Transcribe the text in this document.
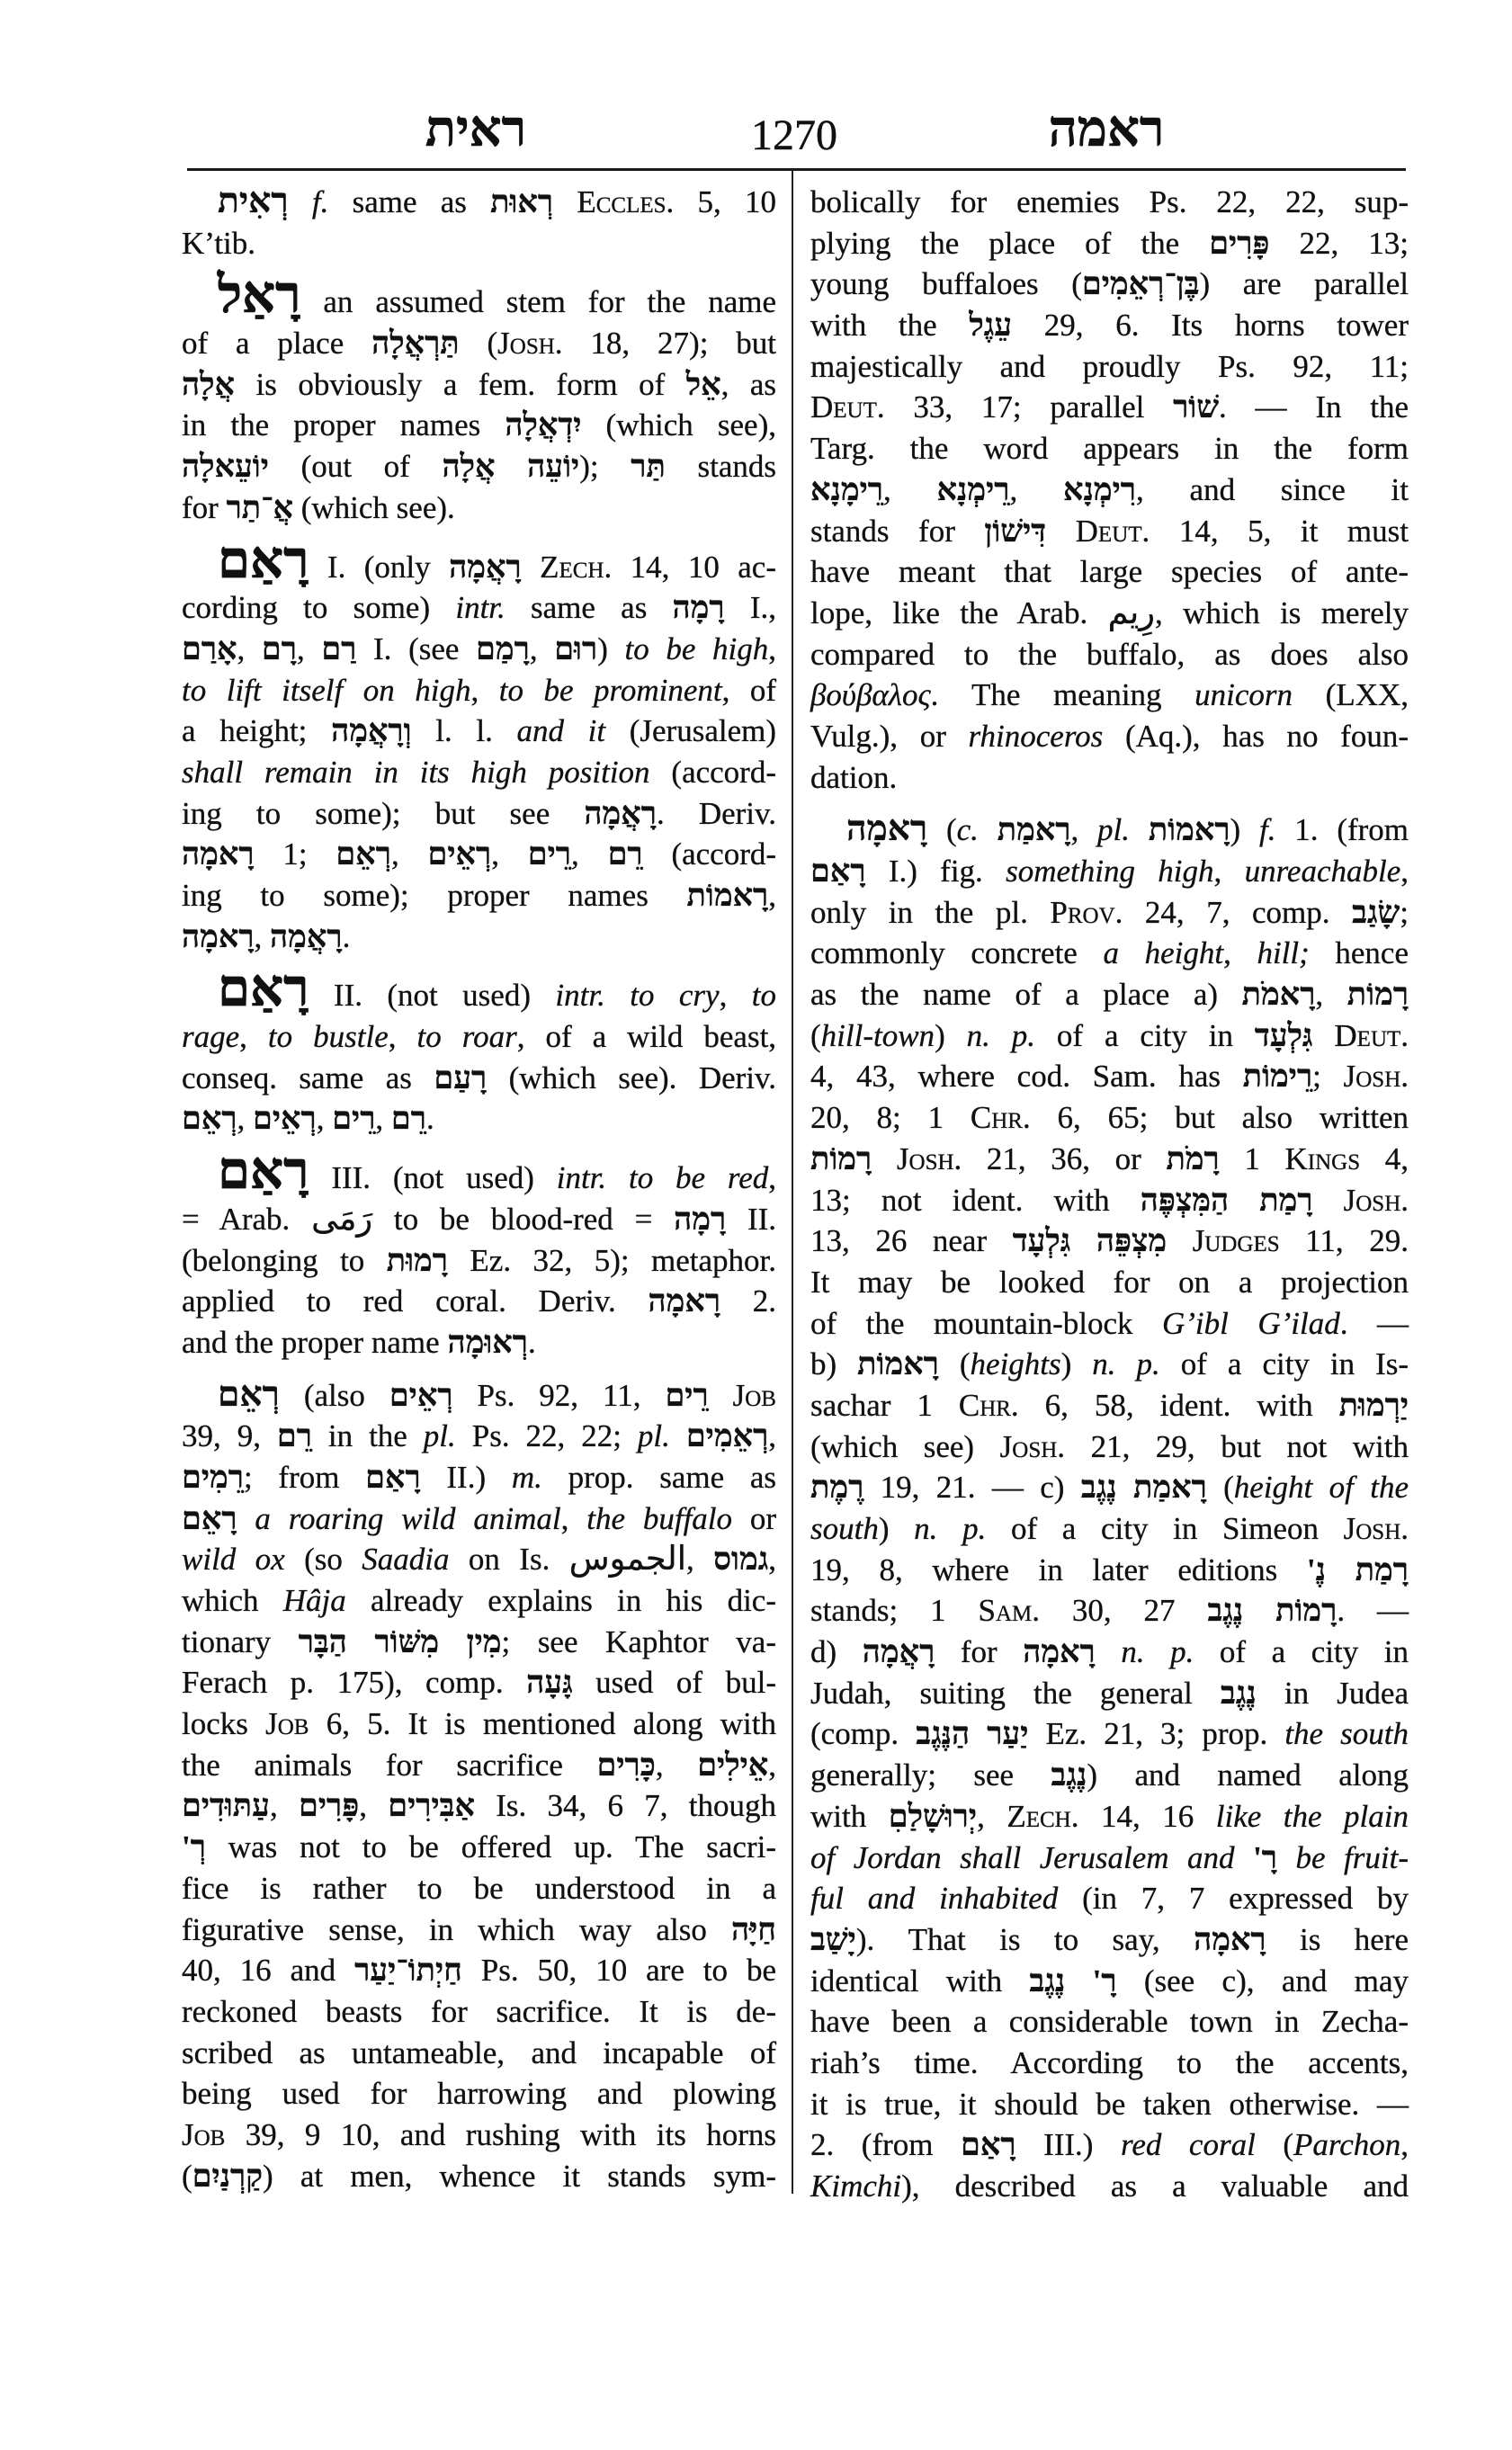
ראית	1270	ראמה
רְאִית f. same as רְאוּת Eccles. 5, 10
K’tib.
רָאַל an assumed stem for the name
of a place תַּרְאֲלָה (Josh. 18, 27); but
אֲלָה is obviously a fem. form of אֵל, as
in the proper names יִדְאֲלָה (which see),
יוֹעֵאלָה (out of יוֹעֵה אֲלָה); תַּר stands
for אֲ־תַר (which see).
רָאַם I. (only רָאֲמָה Zech. 14, 10 ac-
cording to some) intr. same as רָמָה I.,
אָרַם, רָם, רַם I. (see רָמַם, רוּם) to be high,
to lift itself on high, to be prominent, of
a height; וְרָאֲמָה l. l. and it (Jerusalem)
shall remain in its high position (accord-
ing to some); but see רָאֲמָה. Deriv.
רָאמָה 1; רְאֵם, רְאֵים, רֵים, רֵם (accord-
ing to some); proper names רָאמוֹת,
רָאמָה, רָאֲמָה.
רָאַם II. (not used) intr. to cry, to
rage, to bustle, to roar, of a wild beast,
conseq. same as רָעַם (which see). Deriv.
רְאֵם, רְאֵים, רֵים, רֵם.
רָאַם III. (not used) intr. to be red,
= Arab. رَمَى to be blood-red = רָמָה II.
(belonging to רָמוּת Ez. 32, 5); metaphor.
applied to red coral. Deriv. רָאמָה 2.
and the proper name רְאוּמָה.
רְאֵם (also רְאֵים Ps. 92, 11, רֵים Job
39, 9, רֵם in the pl. Ps. 22, 22; pl. רְאֵמִים,
רֵמִים; from רָאַם II.) m. prop. same as
רָאֵם a roaring wild animal, the buffalo or
wild ox (so Saadia on Is. الجموس, גמוס,
which Hâja already explains in his dic-
tionary מִין מִשּׁוֹר הַבָּר; see Kaphtor va-
Ferach p. 175), comp. גָּעָה used of bul-
locks Job 6, 5. It is mentioned along with
the animals for sacrifice כָּרִים, אֵילִים,
עַתּוּדִים, פָּרִים, אַבִּירִים Is. 34, 6 7, though
רְ' was not to be offered up. The sacri-
fice is rather to be understood in a
figurative sense, in which way also חַיָּה
40, 16 and חַיְתוֹ־יַעַר Ps. 50, 10 are to be
reckoned beasts for sacrifice. It is de-
scribed as untameable, and incapable of
being used for harrowing and plowing
Job 39, 9 10, and rushing with its horns
(קַרְנַיִם) at men, whence it stands sym-
bolically for enemies Ps. 22, 22, sup-
plying the place of the פָּרִים 22, 13;
young buffaloes (בֶּן־רְאֵמִים) are parallel
with the עֵגֶל 29, 6. Its horns tower
majestically and proudly Ps. 92, 11;
Deut. 33, 17; parallel שׁוֹר. — In the
Targ. the word appears in the form
רֵימָנָא, רֵימְנָא, רִימְנָא, and since it
stands for דִּישׁוֹן Deut. 14, 5, it must
have meant that large species of ante-
lope, like the Arab. رِيم, which is merely
compared to the buffalo, as does also
βούβαλος. The meaning unicorn (LXX,
Vulg.), or rhinoceros (Aq.), has no foun-
dation.
רָאמָה (c. רָאמַת, pl. רָאמוֹת) f. 1. (from
רָאַם I.) fig. something high, unreachable,
only in the pl. Prov. 24, 7, comp. שָׂגַב;
commonly concrete a height, hill; hence
as the name of a place a) רָאמֹת, רָמוֹת
(hill-town) n. p. of a city in גִּלְעָד Deut.
4, 43, where cod. Sam. has רֵימוֹת; Josh.
20, 8; 1 Chr. 6, 65; but also written
רָמוֹת Josh. 21, 36, or רָמֹת 1 Kings 4,
13; not ident. with רָמַת הַמִּצְפֶּה Josh.
13, 26 near מִצְפֵּה גִּלְעָד Judges 11, 29.
It may be looked for on a projection
of the mountain-block G’ibl G’ilad. —
b) רָאמוֹת (heights) n. p. of a city in Is-
sachar 1 Chr. 6, 58, ident. with יַרְמוּת
(which see) Josh. 21, 29, but not with
רֶמֶת 19, 21. — c) רָאמַת נֶגֶב (height of the
south) n. p. of a city in Simeon Josh.
19, 8, where in later editions רָמַת נֶ'
stands; 1 Sam. 30, 27 רָמוֹת נֶגֶב. —
d) רָאֲמָה for רָאמָה n. p. of a city in
Judah, suiting the general נֶגֶב in Judea
(comp. יַעַר הַנֶּגֶב Ez. 21, 3; prop. the south
generally; see נֶגֶב) and named along
with יְרוּשָׁלַםִ, Zech. 14, 16 like the plain
of Jordan shall Jerusalem and רָ' be fruit-
ful and inhabited (in 7, 7 expressed by
יָשַׁב). That is to say, רָאמָה is here
identical with רָ' נֶגֶב (see c), and may
have been a considerable town in Zecha-
riah’s time. According to the accents,
it is true, it should be taken otherwise. —
2. (from רָאַם III.) red coral (Parchon,
Kimchi), described as a valuable and
